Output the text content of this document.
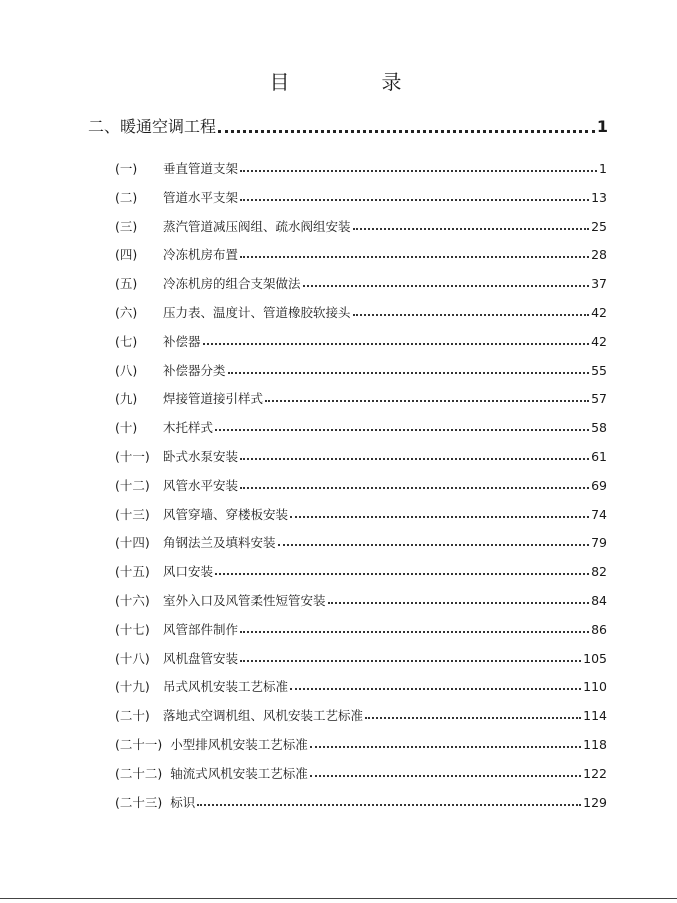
目　录
二、 暖通空调工程	1
(一)	垂直管道支架	1
(二)	管道水平支架	13
(三)	蒸汽管道减压阀组、疏水阀组安装	25
(四)	冷冻机房布置	28
(五)	冷冻机房的组合支架做法	37
(六)	压力表、温度计、管道橡胶软接头	42
(七)	补偿器	42
(八)	补偿器分类	55
(九)	焊接管道接引样式	57
(十)	木托样式	58
(十一)	卧式水泵安装	61
(十二)	风管水平安装	69
(十三)	风管穿墙、穿楼板安装	74
(十四)	角钢法兰及填料安装	79
(十五)	风口安装	82
(十六)	室外入口及风管柔性短管安装	84
(十七)	风管部件制作	86
(十八)	风机盘管安装	105
(十九)	吊式风机安装工艺标准	110
(二十)	落地式空调机组、风机安装工艺标准	114
(二十一) 小型排风机安装工艺标准	118
(二十二) 轴流式风机安装工艺标准	122
(二十三) 标识	129
